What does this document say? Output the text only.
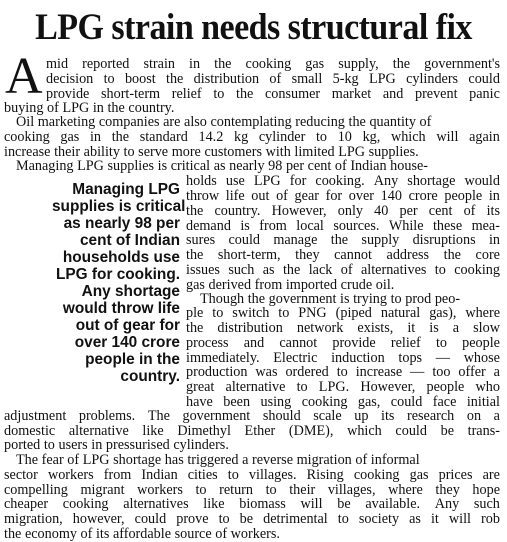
LPG strain needs structural fix
A mid reported strain in the cooking gas supply, the government's
decision to boost the distribution of small 5-kg LPG cylinders could
provide short-term relief to the consumer market and prevent panic
buying of LPG in the country.
Oil marketing companies are also contemplating reducing the quantity of
cooking gas in the standard 14.2 kg cylinder to 10 kg, which will again
increase their ability to serve more customers with limited LPG supplies.
Managing LPG supplies is critical as nearly 98 per cent of Indian house-
holds use LPG for cooking. Any shortage would
throw life out of gear for over 140 crore people in
the country. However, only 40 per cent of its
demand is from local sources. While these mea-
sures could manage the supply disruptions in
the short-term, they cannot address the core
issues such as the lack of alternatives to cooking
gas derived from imported crude oil.
Though the government is trying to prod peo-
ple to switch to PNG (piped natural gas), where
the distribution network exists, it is a slow
process and cannot provide relief to people
immediately. Electric induction tops — whose
production was ordered to increase — too offer a
great alternative to LPG. However, people who
have been using cooking gas, could face initial
adjustment problems. The government should scale up its research on a
domestic alternative like Dimethyl Ether (DME), which could be trans-
ported to users in pressurised cylinders.
The fear of LPG shortage has triggered a reverse migration of informal
sector workers from Indian cities to villages. Rising cooking gas prices are
compelling migrant workers to return to their villages, where they hope
cheaper cooking alternatives like biomass will be available. Any such
migration, however, could prove to be detrimental to society as it will rob
the economy of its affordable source of workers.
Managing LPG
supplies is critical
as nearly 98 per
cent of Indian
households use
LPG for cooking.
Any shortage
would throw life
out of gear for
over 140 crore
people in the
country.
